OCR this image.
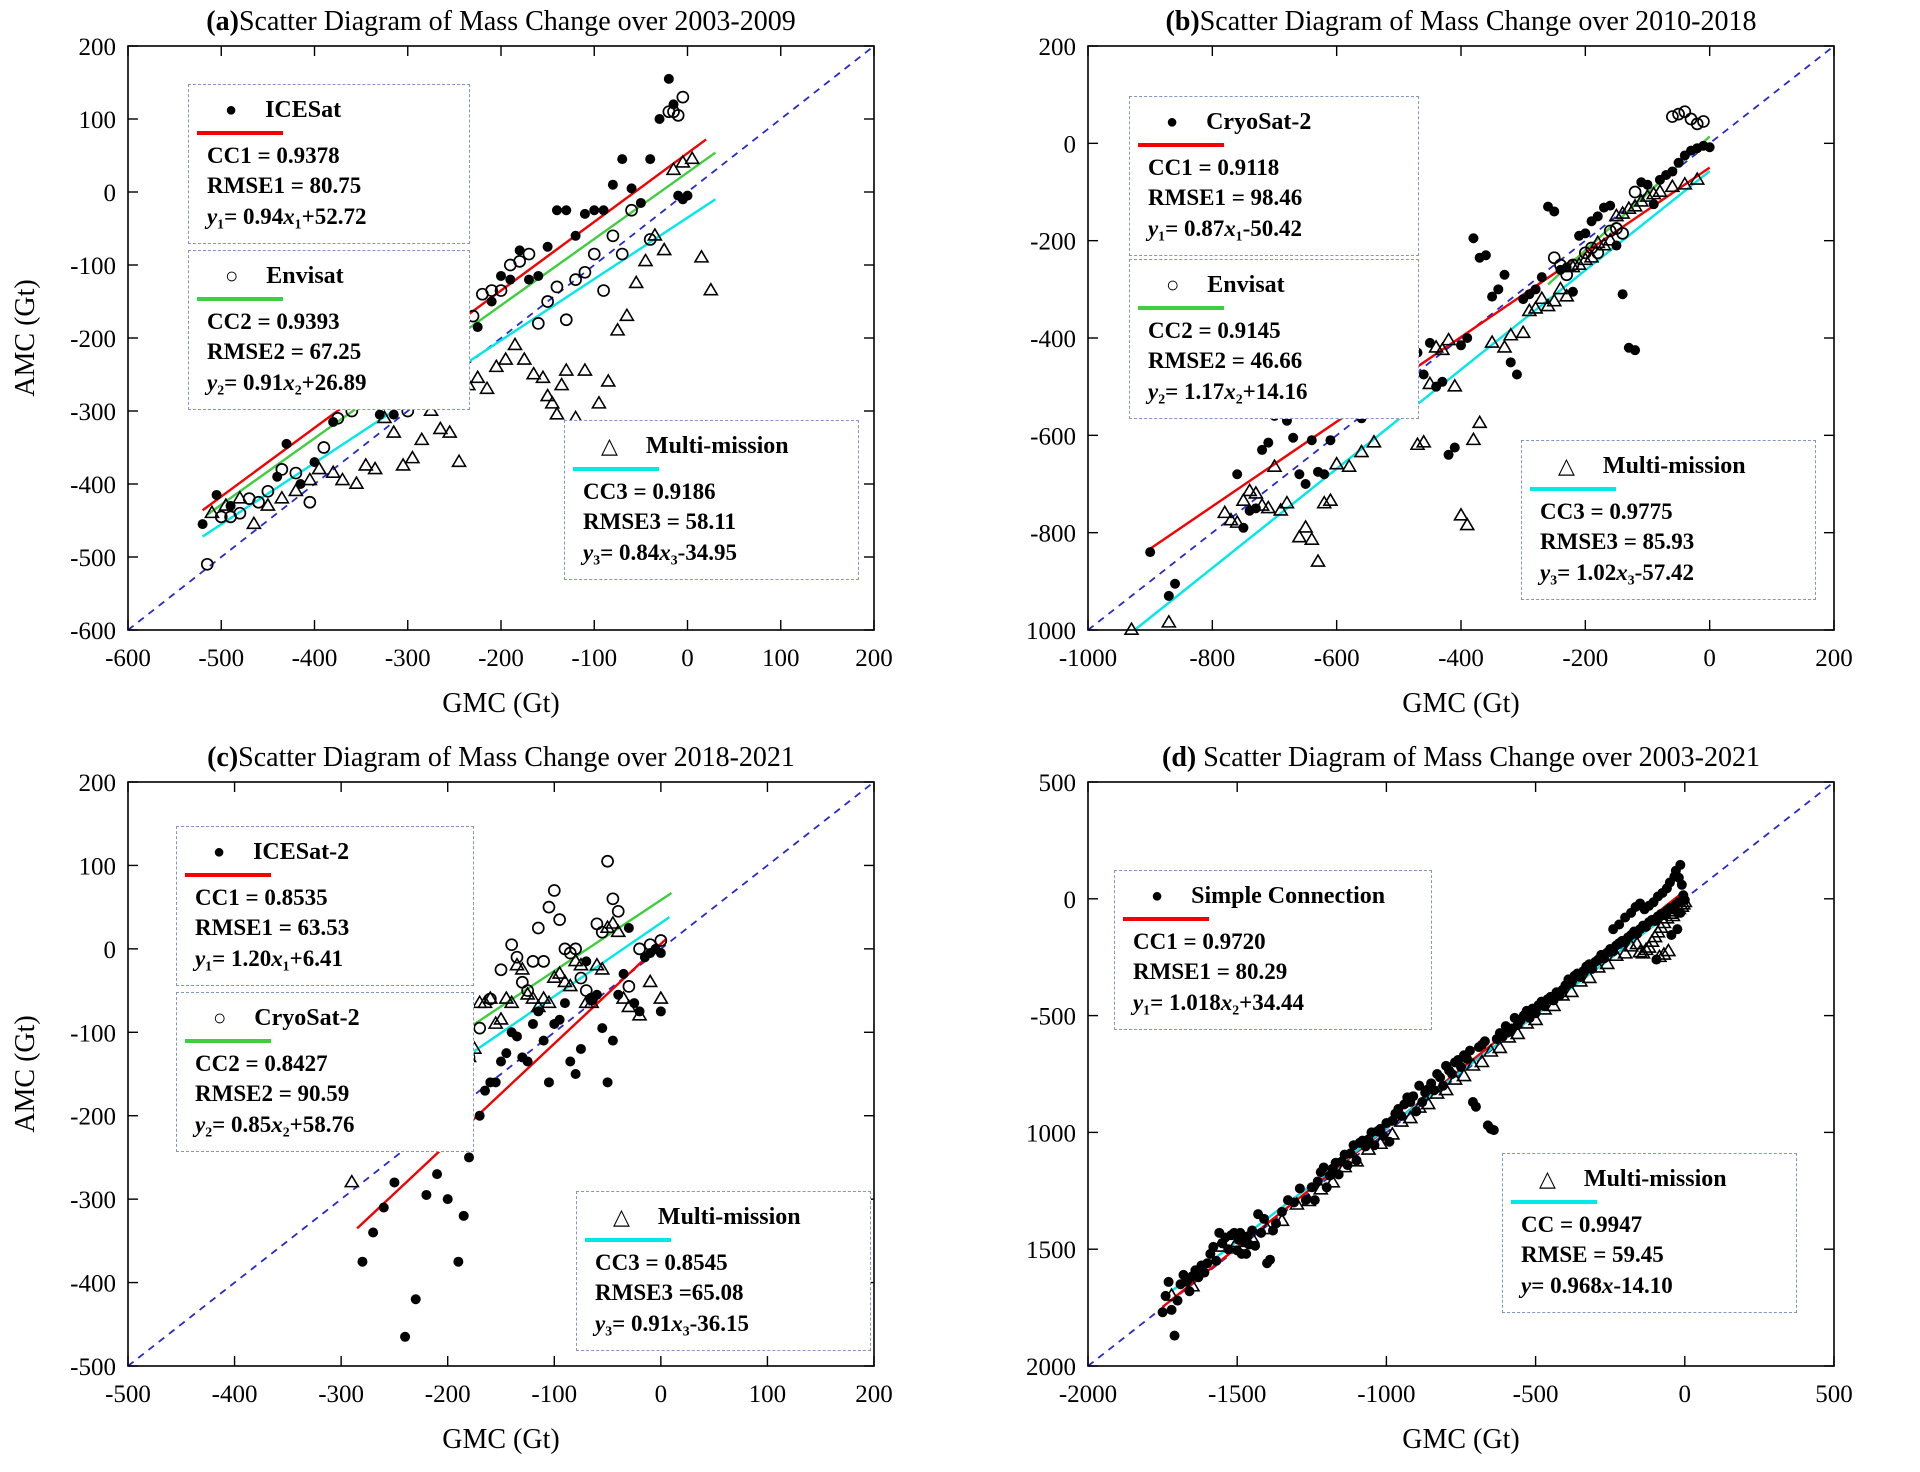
(a)Scatter Diagram of Mass Change over 2003-2009
-600 -500 -400 -300 -200 -100	0	100 200
200
100
0
-100
-200
-300
-400
-500
-600
GMC (Gt)
AMC (Gt)
● ICESat
CC1 = 0.9378
RMSE1 = 80.75
y₁= 0.94x₁+52.72
○ Envisat
CC2 = 0.9393
RMSE2 = 67.25
y₂= 0.91x₂+26.89
△ Multi-mission
CC3 = 0.9186
RMSE3 = 58.11
y₃= 0.84x₃-34.95
(b)Scatter Diagram of Mass Change over 2010-2018
-1000	-800	-600	-400	-200	0	200
200
0
-200
-400
-600
-800
1000
GMC (Gt)
● CryoSat-2
CC1 = 0.9118
RMSE1 = 98.46
y₁= 0.87x₁-50.42
○ Envisat
CC2 = 0.9145
RMSE2 = 46.66
y₂= 1.17x₂+14.16
△ Multi-mission
CC3 = 0.9775
RMSE3 = 85.93
y₃= 1.02x₃-57.42
(c)Scatter Diagram of Mass Change over 2018-2021
-500 -400 -300 -200 -100	0	100	200
200
100
0
-100
-200
-300
-400
-500
GMC (Gt)
AMC (Gt)
● ICESat-2
CC1 = 0.8535
RMSE1 = 63.53
y₁= 1.20x₁+6.41
○ CryoSat-2
CC2 = 0.8427
RMSE2 = 90.59
y₂= 0.85x₂+58.76
△ Multi-mission
CC3 = 0.8545
RMSE3 =65.08
y₃= 0.91x₃-36.15
(d) Scatter Diagram of Mass Change over 2003-2021
-2000	-1500	-1000	-500	0	500
500
0
-500
1000
1500
2000
GMC (Gt)
● Simple Connection
CC1 = 0.9720
RMSE1 = 80.29
y₁= 1.018x₂+34.44
△ Multi-mission
CC = 0.9947
RMSE = 59.45
y= 0.968x-14.10
